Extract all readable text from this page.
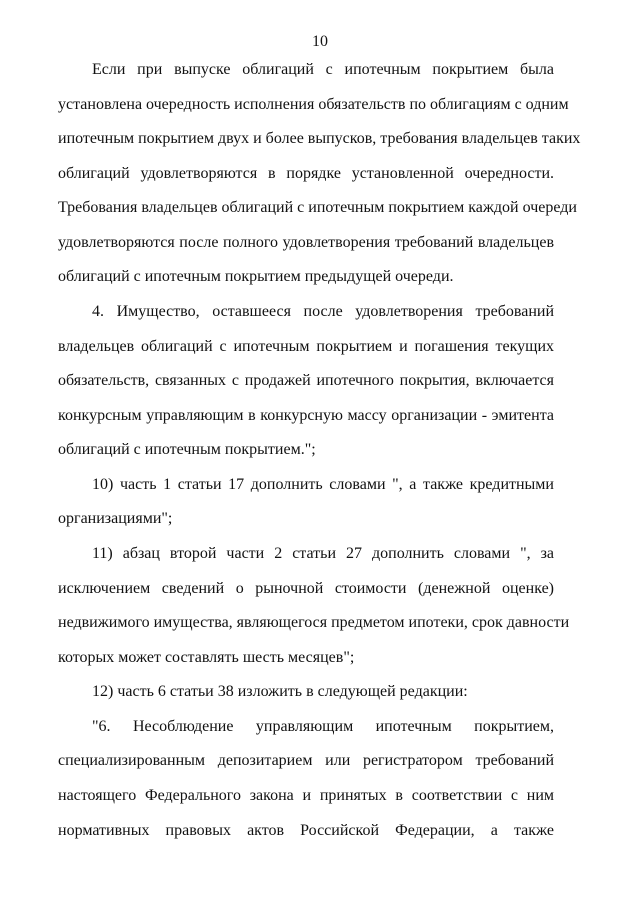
10
Если при выпуске облигаций с ипотечным покрытием была
установлена очередность исполнения обязательств по облигациям с одним
ипотечным покрытием двух и более выпусков, требования владельцев таких
облигаций удовлетворяются в порядке установленной очередности.
Требования владельцев облигаций с ипотечным покрытием каждой очереди
удовлетворяются после полного удовлетворения требований владельцев
облигаций с ипотечным покрытием предыдущей очереди.
4. Имущество, оставшееся после удовлетворения требований
владельцев облигаций с ипотечным покрытием и погашения текущих
обязательств, связанных с продажей ипотечного покрытия, включается
конкурсным управляющим в конкурсную массу организации - эмитента
облигаций с ипотечным покрытием.";
10) часть 1 статьи 17 дополнить словами ", а также кредитными
организациями";
11) абзац второй части 2 статьи 27 дополнить словами ", за
исключением сведений о рыночной стоимости (денежной оценке)
недвижимого имущества, являющегося предметом ипотеки, срок давности
которых может составлять шесть месяцев";
12) часть 6 статьи 38 изложить в следующей редакции:
"6. Несоблюдение управляющим ипотечным покрытием,
специализированным депозитарием или регистратором требований
настоящего Федерального закона и принятых в соответствии с ним
нормативных правовых актов Российской Федерации, а также
